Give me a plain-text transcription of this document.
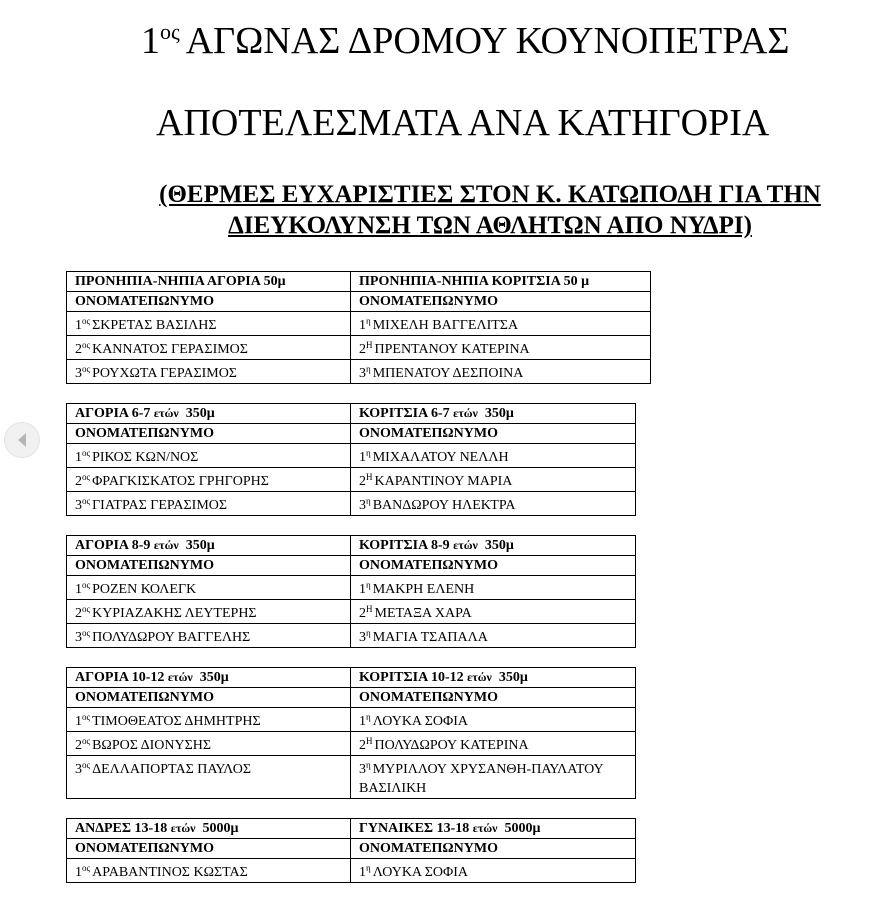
$1^{o\varsigma}$ ΑΓΩΝΑΣ ΔΡΟΜΟΥ ΚΟΥΝΟΠΕΤΡΑΣ
ΑΠΟΤΕΛΕΣΜΑΤΑ ΑΝΑ ΚΑΤΗΓΟΡΙΑ

(ΘΕΡΜΕΣ ΕΥΧΑΡΙΣΤΙΕΣ ΣΤΟΝ Κ. ΚΑΤΩΠΟΔΗ ΓΙΑ ΤΗΝ

ΔΙΕΥΚΟΛΥΝΣΗ ΤΩΝ ΑΘΛΗΤΩΝ ΑΠΟ ΝΥΔΡΙ)

ΠΡΟΝΗΠΙΑ-ΝΗΠΙΑ ΑΓΟΡΙΑ 50μ	ΠΡΟΝΗΠΙΑ-ΝΗΠΙΑ ΚΟΡΙΤΣΙΑ 50 μ
ΟΝΟΜΑΤΕΠΩΝΥΜΟ	ΟΝΟΜΑΤΕΠΩΝΥΜΟ
$1^{o\varsigma}$ ΣΚΡΕΤΑΣ ΒΑΣΙΛΗΣ	$1^\eta$ ΜΙΧΕΛΗ ΒΑΓΓΕΛΙΤΣΑ
$2^{o\varsigma}$ ΚΑΝΝΑΤΟΣ ΓΕΡΑΣΙΜΟΣ	$2^H$ ΠΡΕΝΤΑΝΟΥ ΚΑΤΕΡΙΝΑ
$3^{o\varsigma}$ ΡΟΥΧΩΤΑ ΓΕΡΑΣΙΜΟΣ	$3^\eta$ ΜΠΕΝΑΤΟΥ ΔΕΣΠΟΙΝΑ
ΑΓΟΡΙΑ 6-7 ετών 350μ	ΚΟΡΙΤΣΙΑ 6-7 ετών 350μ
ΟΝΟΜΑΤΕΠΩΝΥΜΟ	ΟΝΟΜΑΤΕΠΩΝΥΜΟ
$1^{o\varsigma}$ ΡΙΚΟΣ ΚΩΝ/ΝΟΣ	$1^\eta$ ΜΙΧΑΛΑΤΟΥ ΝΕΛΛΗ
$2^{o\varsigma}$ ΦΡΑΓΚΙΣΚΑΤΟΣ ΓΡΗΓΟΡΗΣ	$2^H$ ΚΑΡΑΝΤΙΝΟΥ ΜΑΡΙΑ
$3^{o\varsigma}$ ΓΙΑΤΡΑΣ ΓΕΡΑΣΙΜΟΣ	$3^\eta$ ΒΑΝΔΩΡΟΥ ΗΛΕΚΤΡΑ
ΑΓΟΡΙΑ 8-9 ετών 350μ	ΚΟΡΙΤΣΙΑ 8-9 ετών 350μ
ΟΝΟΜΑΤΕΠΩΝΥΜΟ	ΟΝΟΜΑΤΕΠΩΝΥΜΟ
$1^{o\varsigma}$ ΡΟΖΕΝ ΚΟΛΕΓΚ	$1^\eta$ ΜΑΚΡΗ ΕΛΕΝΗ
$2^{o\varsigma}$ ΚΥΡΙΑΖΑΚΗΣ ΛΕΥΤΕΡΗΣ	$2^H$ ΜΕΤΑΞΑ ΧΑΡΑ
$3^{o\varsigma}$ ΠΟΛΥΔΩΡΟΥ ΒΑΓΓΕΛΗΣ	$3^\eta$ ΜΑΓΙΑ ΤΣΑΠΑΛΑ
ΑΓΟΡΙΑ 10-12 ετών 350μ	ΚΟΡΙΤΣΙΑ 10-12 ετών 350μ
ΟΝΟΜΑΤΕΠΩΝΥΜΟ	ΟΝΟΜΑΤΕΠΩΝΥΜΟ
$1^{o\varsigma}$ ΤΙΜΟΘΕΑΤΟΣ ΔΗΜΗΤΡΗΣ	$1^\eta$ ΛΟΥΚΑ ΣΟΦΙΑ
$2^{o\varsigma}$ ΒΩΡΟΣ ΔΙΟΝΥΣΗΣ	$2^H$ ΠΟΛΥΔΩΡΟΥ ΚΑΤΕΡΙΝΑ
$3^{o\varsigma}$ ΔΕΛΛΑΠΟΡΤΑΣ ΠΑΥΛΟΣ	$3^\eta$ ΜΥΡΙΛΛΟΥ ΧΡΥΣΑΝΘΗ-ΠΑΥΛΑΤΟΥ ΒΑΣΙΛΙΚΗ
ΑΝΔΡΕΣ 13-18 ετών 5000μ	ΓΥΝΑΙΚΕΣ 13-18 ετών 5000μ
ΟΝΟΜΑΤΕΠΩΝΥΜΟ	ΟΝΟΜΑΤΕΠΩΝΥΜΟ
$1^{o\varsigma}$ ΑΡΑΒΑΝΤΙΝΟΣ ΚΩΣΤΑΣ	$1^\eta$ ΛΟΥΚΑ ΣΟΦΙΑ
